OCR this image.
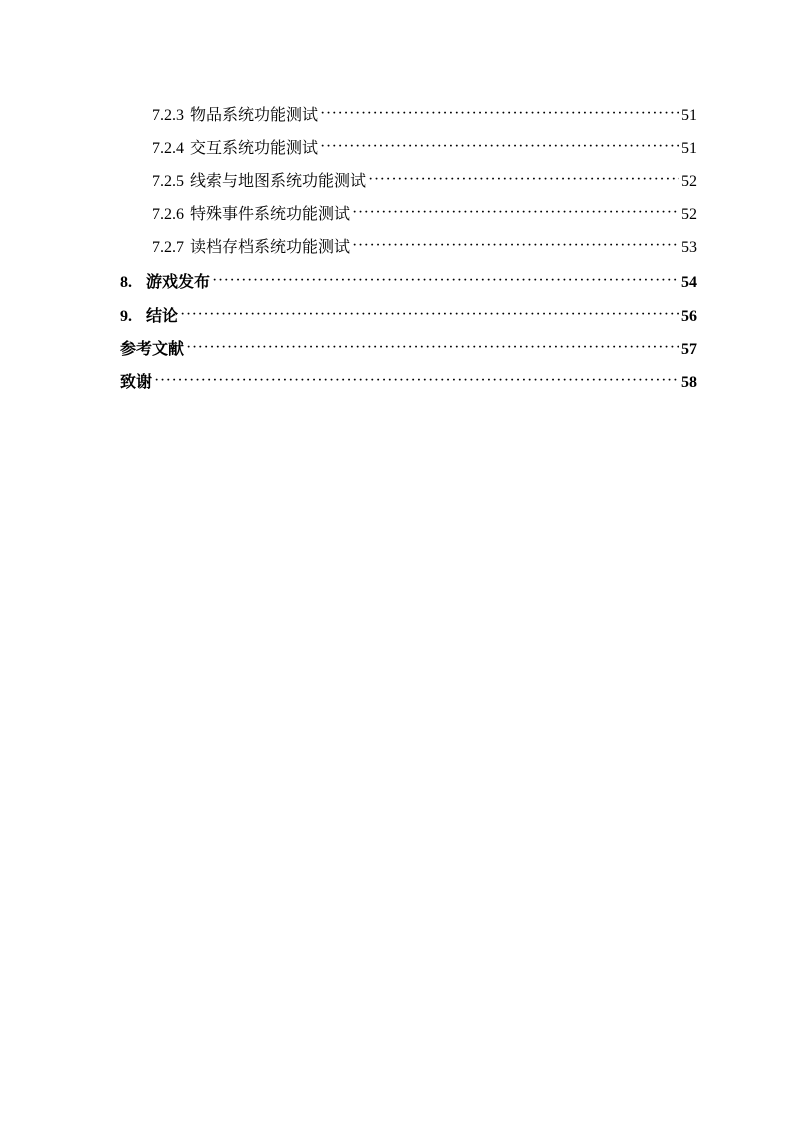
7.2.3 物品系统功能测试 ·····	51
7.2.4 交互系统功能测试 ·····	51
7.2.5 线索与地图系统功能测试 ·····	52
7.2.6 特殊事件系统功能测试 ·····	52
7.2.7 读档存档系统功能测试 ·····	53
8. 游戏发布 ·····	54
9. 结论 ·····	56
参考文献 ·····	57
致谢 ·····	58
